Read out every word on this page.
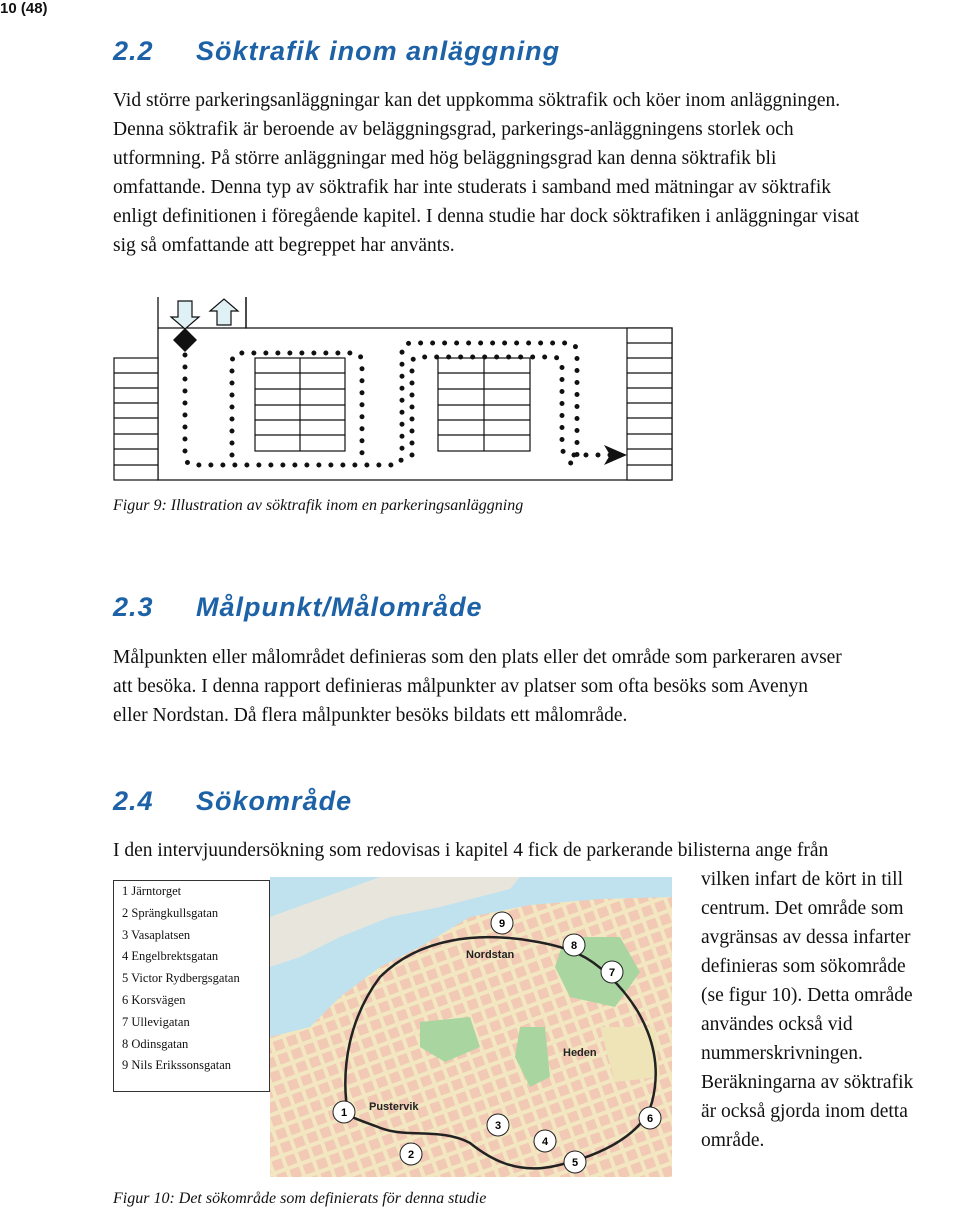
10 (48)
2.2     Söktrafik inom anläggning
Vid större parkeringsanläggningar kan det uppkomma söktrafik och köer inom anläggningen.
Denna söktrafik är beroende av beläggningsgrad, parkerings-anläggningens storlek och
utformning. På större anläggningar med hög beläggningsgrad kan denna söktrafik bli
omfattande. Denna typ av söktrafik har inte studerats i samband med mätningar av söktrafik
enligt definitionen i föregående kapitel. I denna studie har dock söktrafiken i anläggningar visat
sig så omfattande att begreppet har använts.
Figur 9: Illustration av söktrafik inom en parkeringsanläggning
2.3     Målpunkt/Målområde
Målpunkten eller målområdet definieras som den plats eller det område som parkeraren avser
att besöka. I denna rapport definieras målpunkter av platser som ofta besöks som Avenyn
eller Nordstan. Då flera målpunkter besöks bildats ett målområde.
2.4     Sökområde
I den intervjuundersökning som redovisas i kapitel 4 fick de parkerande bilisterna ange från
vilken infart de kört in till
centrum. Det område som
avgränsas av dessa infarter
definieras som sökområde
(se figur 10). Detta område
användes också vid
nummerskrivningen.
Beräkningarna av söktrafik
är också gjorda inom detta
område.
Nordstan
Heden
Pustervik
1
2
3
4
5
6
7
8
9
1 Järntorget
2 Sprängkullsgatan
3 Vasaplatsen
4 Engelbrektsgatan
5 Victor Rydbergsgatan
6 Korsvägen
7 Ullevigatan
8 Odinsgatan
9 Nils Erikssonsgatan
Figur 10: Det sökområde som definierats för denna studie
